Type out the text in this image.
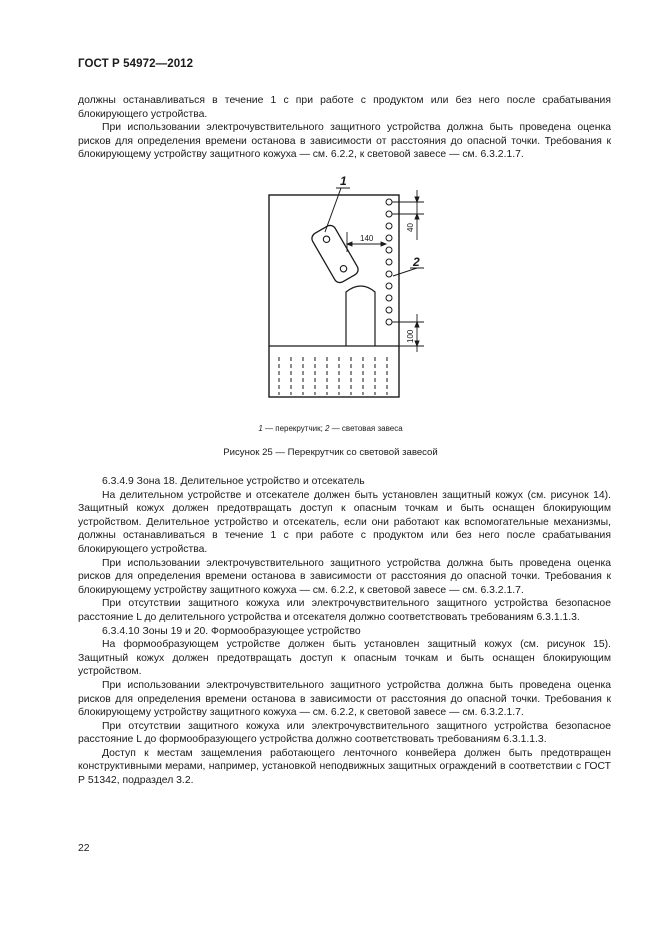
ГОСТ Р 54972—2012

должны останавливаться в течение 1 с при работе с продуктом или без него после срабатывания блокирующего устройства.

При использовании электрочувствительного защитного устройства должна быть проведена оценка рисков для определения времени останова в зависимости от расстояния до опасной точки. Требования к блокирующему устройству защитного кожуха — см. 6.2.2, к световой завесе — см. 6.3.2.1.7.

140
40
100
1
2
1 — перекрутчик; 2 — световая завеса
Рисунок 25 — Перекрутчик со световой завесой

6.3.4.9 Зона 18. Делительное устройство и отсекатель

На делительном устройстве и отсекателе должен быть установлен защитный кожух (см. рисунок 14). Защитный кожух должен предотвращать доступ к опасным точкам и быть оснащен блокирующим устройством. Делительное устройство и отсекатель, если они работают как вспомогательные механизмы, должны останавливаться в течение 1 с при работе с продуктом или без него после срабатывания блокирующего устройства.

При использовании электрочувствительного защитного устройства должна быть проведена оценка рисков для определения времени останова в зависимости от расстояния до опасной точки. Требования к блокирующему устройству защитного кожуха — см. 6.2.2, к световой завесе — см. 6.3.2.1.7.

При отсутствии защитного кожуха или электрочувствительного защитного устройства безопасное расстояние L до делительного устройства и отсекателя должно соответствовать требованиям 6.3.1.1.3.

6.3.4.10 Зоны 19 и 20. Формообразующее устройство

На формообразующем устройстве должен быть установлен защитный кожух (см. рисунок 15). Защитный кожух должен предотвращать доступ к опасным точкам и быть оснащен блокирующим устройством.

При использовании электрочувствительного защитного устройства должна быть проведена оценка рисков для определения времени останова в зависимости от расстояния до опасной точки. Требования к блокирующему устройству защитного кожуха — см. 6.2.2, к световой завесе — см. 6.3.2.1.7.

При отсутствии защитного кожуха или электрочувствительного защитного устройства безопасное расстояние L до формообразующего устройства должно соответствовать требованиям 6.3.1.1.3.

Доступ к местам защемления работающего ленточного конвейера должен быть предотвращен конструктивными мерами, например, установкой неподвижных защитных ограждений в соответствии с ГОСТ Р 51342, подраздел 3.2.

22
